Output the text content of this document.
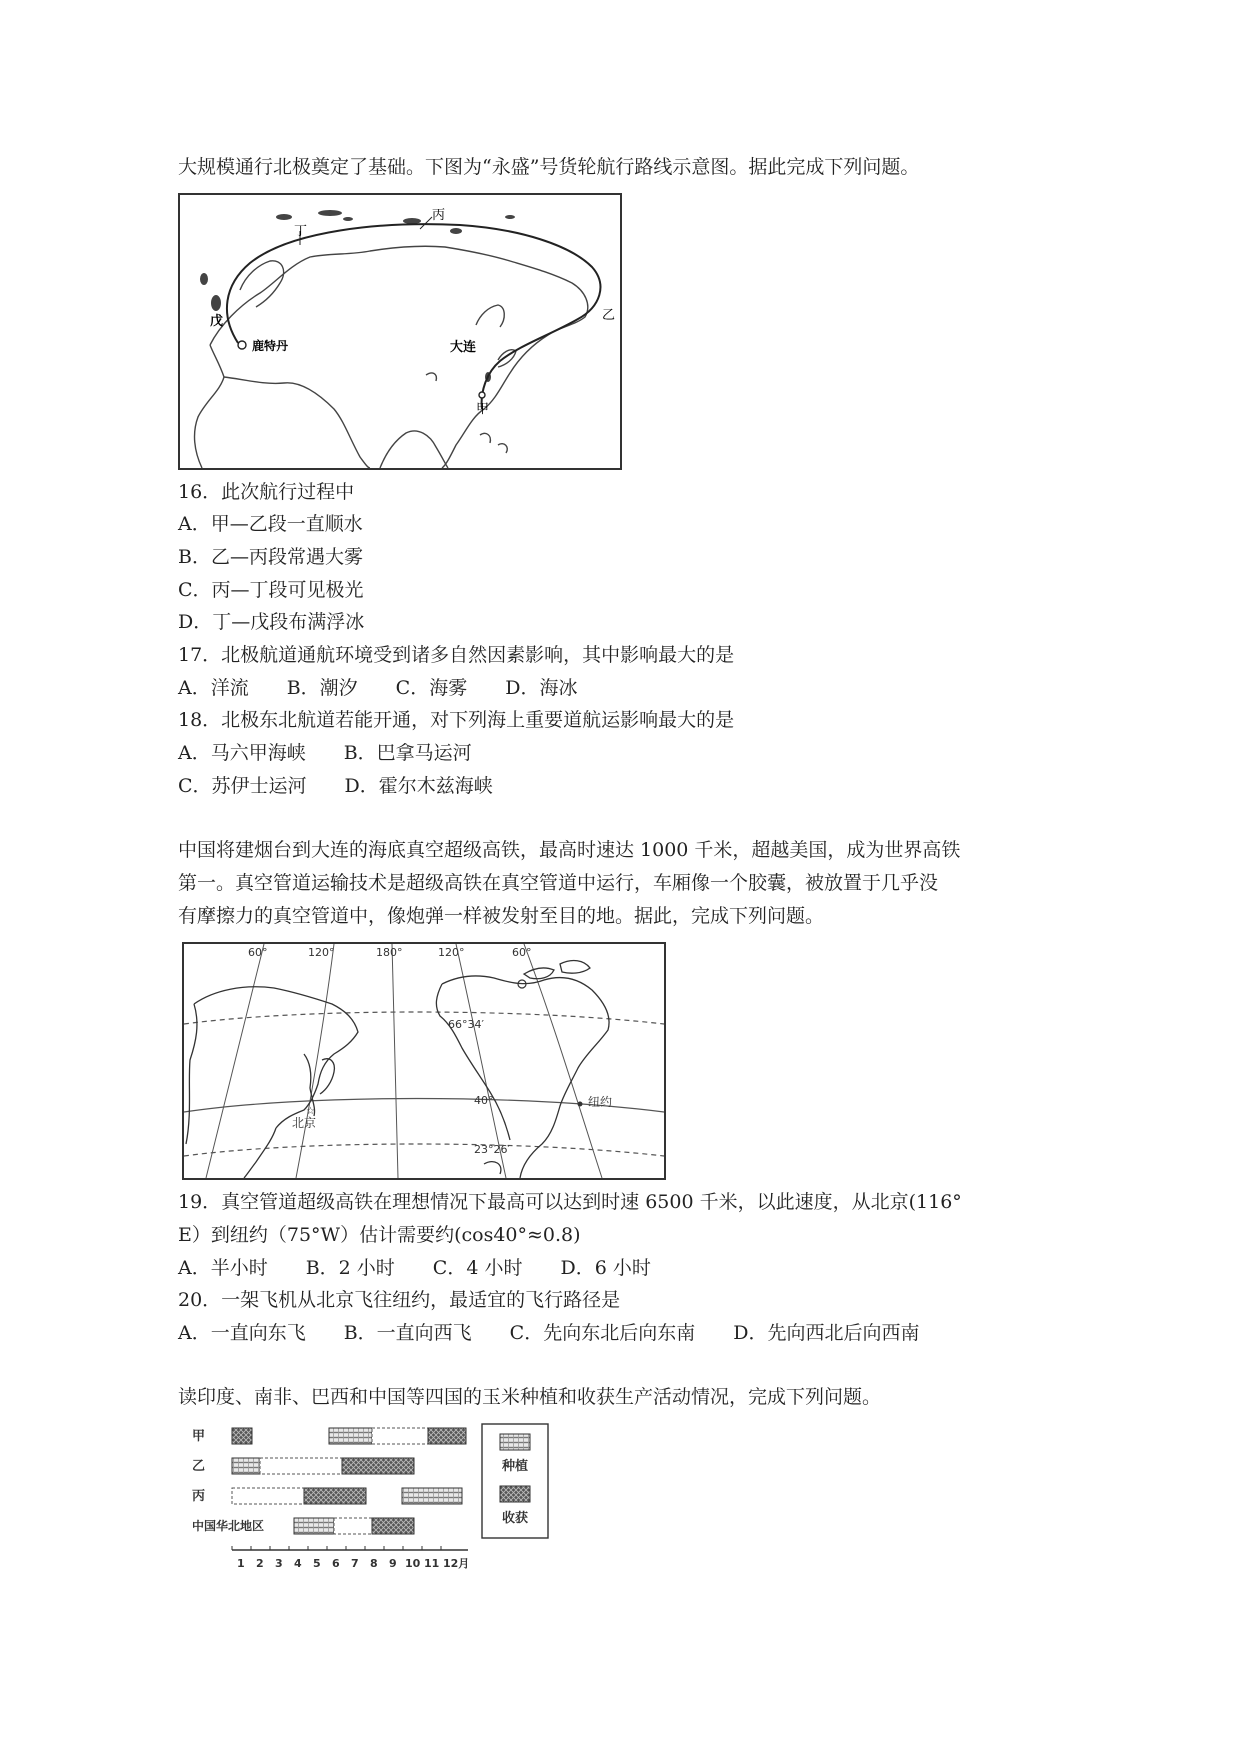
大规模通行北极奠定了基础。下图为“永盛”号货轮航行路线示意图。据此完成下列问题。
丙
丁
戊	乙
鹿特丹	大连
甲
16．此次航行过程中
A．甲—乙段一直顺水
B．乙—丙段常遇大雾
C．丙—丁段可见极光
D．丁—戊段布满浮冰
17．北极航道通航环境受到诸多自然因素影响，其中影响最大的是
A．洋流　　B．潮汐　　C．海雾　　D．海冰
18．北极东北航道若能开通，对下列海上重要道航运影响最大的是
A．马六甲海峡　　B．巴拿马运河
C．苏伊士运河　　D．霍尔木兹海峡
中国将建烟台到大连的海底真空超级高铁，最高时速达 1000 千米，超越美国，成为世界高铁
第一。真空管道运输技术是超级高铁在真空管道中运行，车厢像一个胶囊，被放置于几乎没
有摩擦力的真空管道中，像炮弹一样被发射至目的地。据此，完成下列问题。
60°	120°	180°	120°	60°
66°34′
40°
23°26′
北京
纽约
☆
19．真空管道超级高铁在理想情况下最高可以达到时速 6500 千米，以此速度，从北京(116°
E）到纽约（75°W）估计需要约(cos40°≈0.8)
A．半小时　　B．2 小时　　C．4 小时　　D．6 小时
20．一架飞机从北京飞往纽约，最适宜的飞行路径是
A．一直向东飞　　B．一直向西飞　　C．先向东北后向东南　　D．先向西北后向西南
读印度、南非、巴西和中国等四国的玉米种植和收获生产活动情况，完成下列问题。
甲
乙
丙
中国华北地区
1 2 3 4 5 6 7 8 9 10 11 12月
种植
收获
